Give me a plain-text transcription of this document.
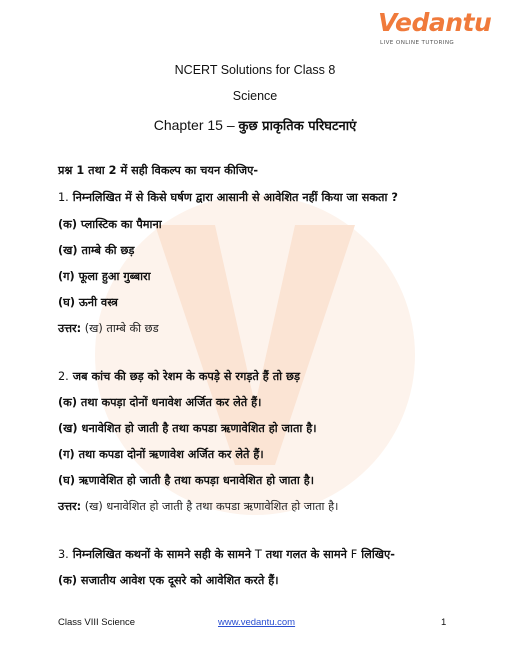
Vedantu
LIVE ONLINE TUTORING
NCERT Solutions for Class 8
Science
Chapter 15 – कुछ प्राकृतिक परिघटनाएं
प्रश्न 1 तथा 2 में सही विकल्प का चयन कीजिए-
1. निम्नलिखित में से किसे घर्षण द्वारा आसानी से आवेशित नहीं किया जा सकता ?
(क) प्लास्टिक का पैमाना
(ख) ताम्बे की छड़
(ग) फूला हुआ गुब्बारा
(घ) ऊनी वस्त्र
उत्तर: (ख) ताम्बे की छड
2. जब कांच की छड़ को रेशम के कपड़े से रगड़ते हैं तो छड़
(क) तथा कपड़ा दोनों धनावेश अर्जित कर लेते हैं।
(ख) धनावेशित हो जाती है तथा कपडा ऋणावेशित हो जाता है।
(ग) तथा कपडा दोनों ऋणावेश अर्जित कर लेते हैं।
(घ) ऋणावेशित हो जाती है तथा कपड़ा धनावेशित हो जाता है।
उत्तर: (ख) धनावेशित हो जाती है तथा कपडा ऋणावेशित हो जाता है।
3. निम्नलिखित कथनों के सामने सही के सामने T तथा गलत के सामने F लिखिए-
(क) सजातीय आवेश एक दूसरे को आवेशित करते हैं।
Class VIII Science	www.vedantu.com	1
